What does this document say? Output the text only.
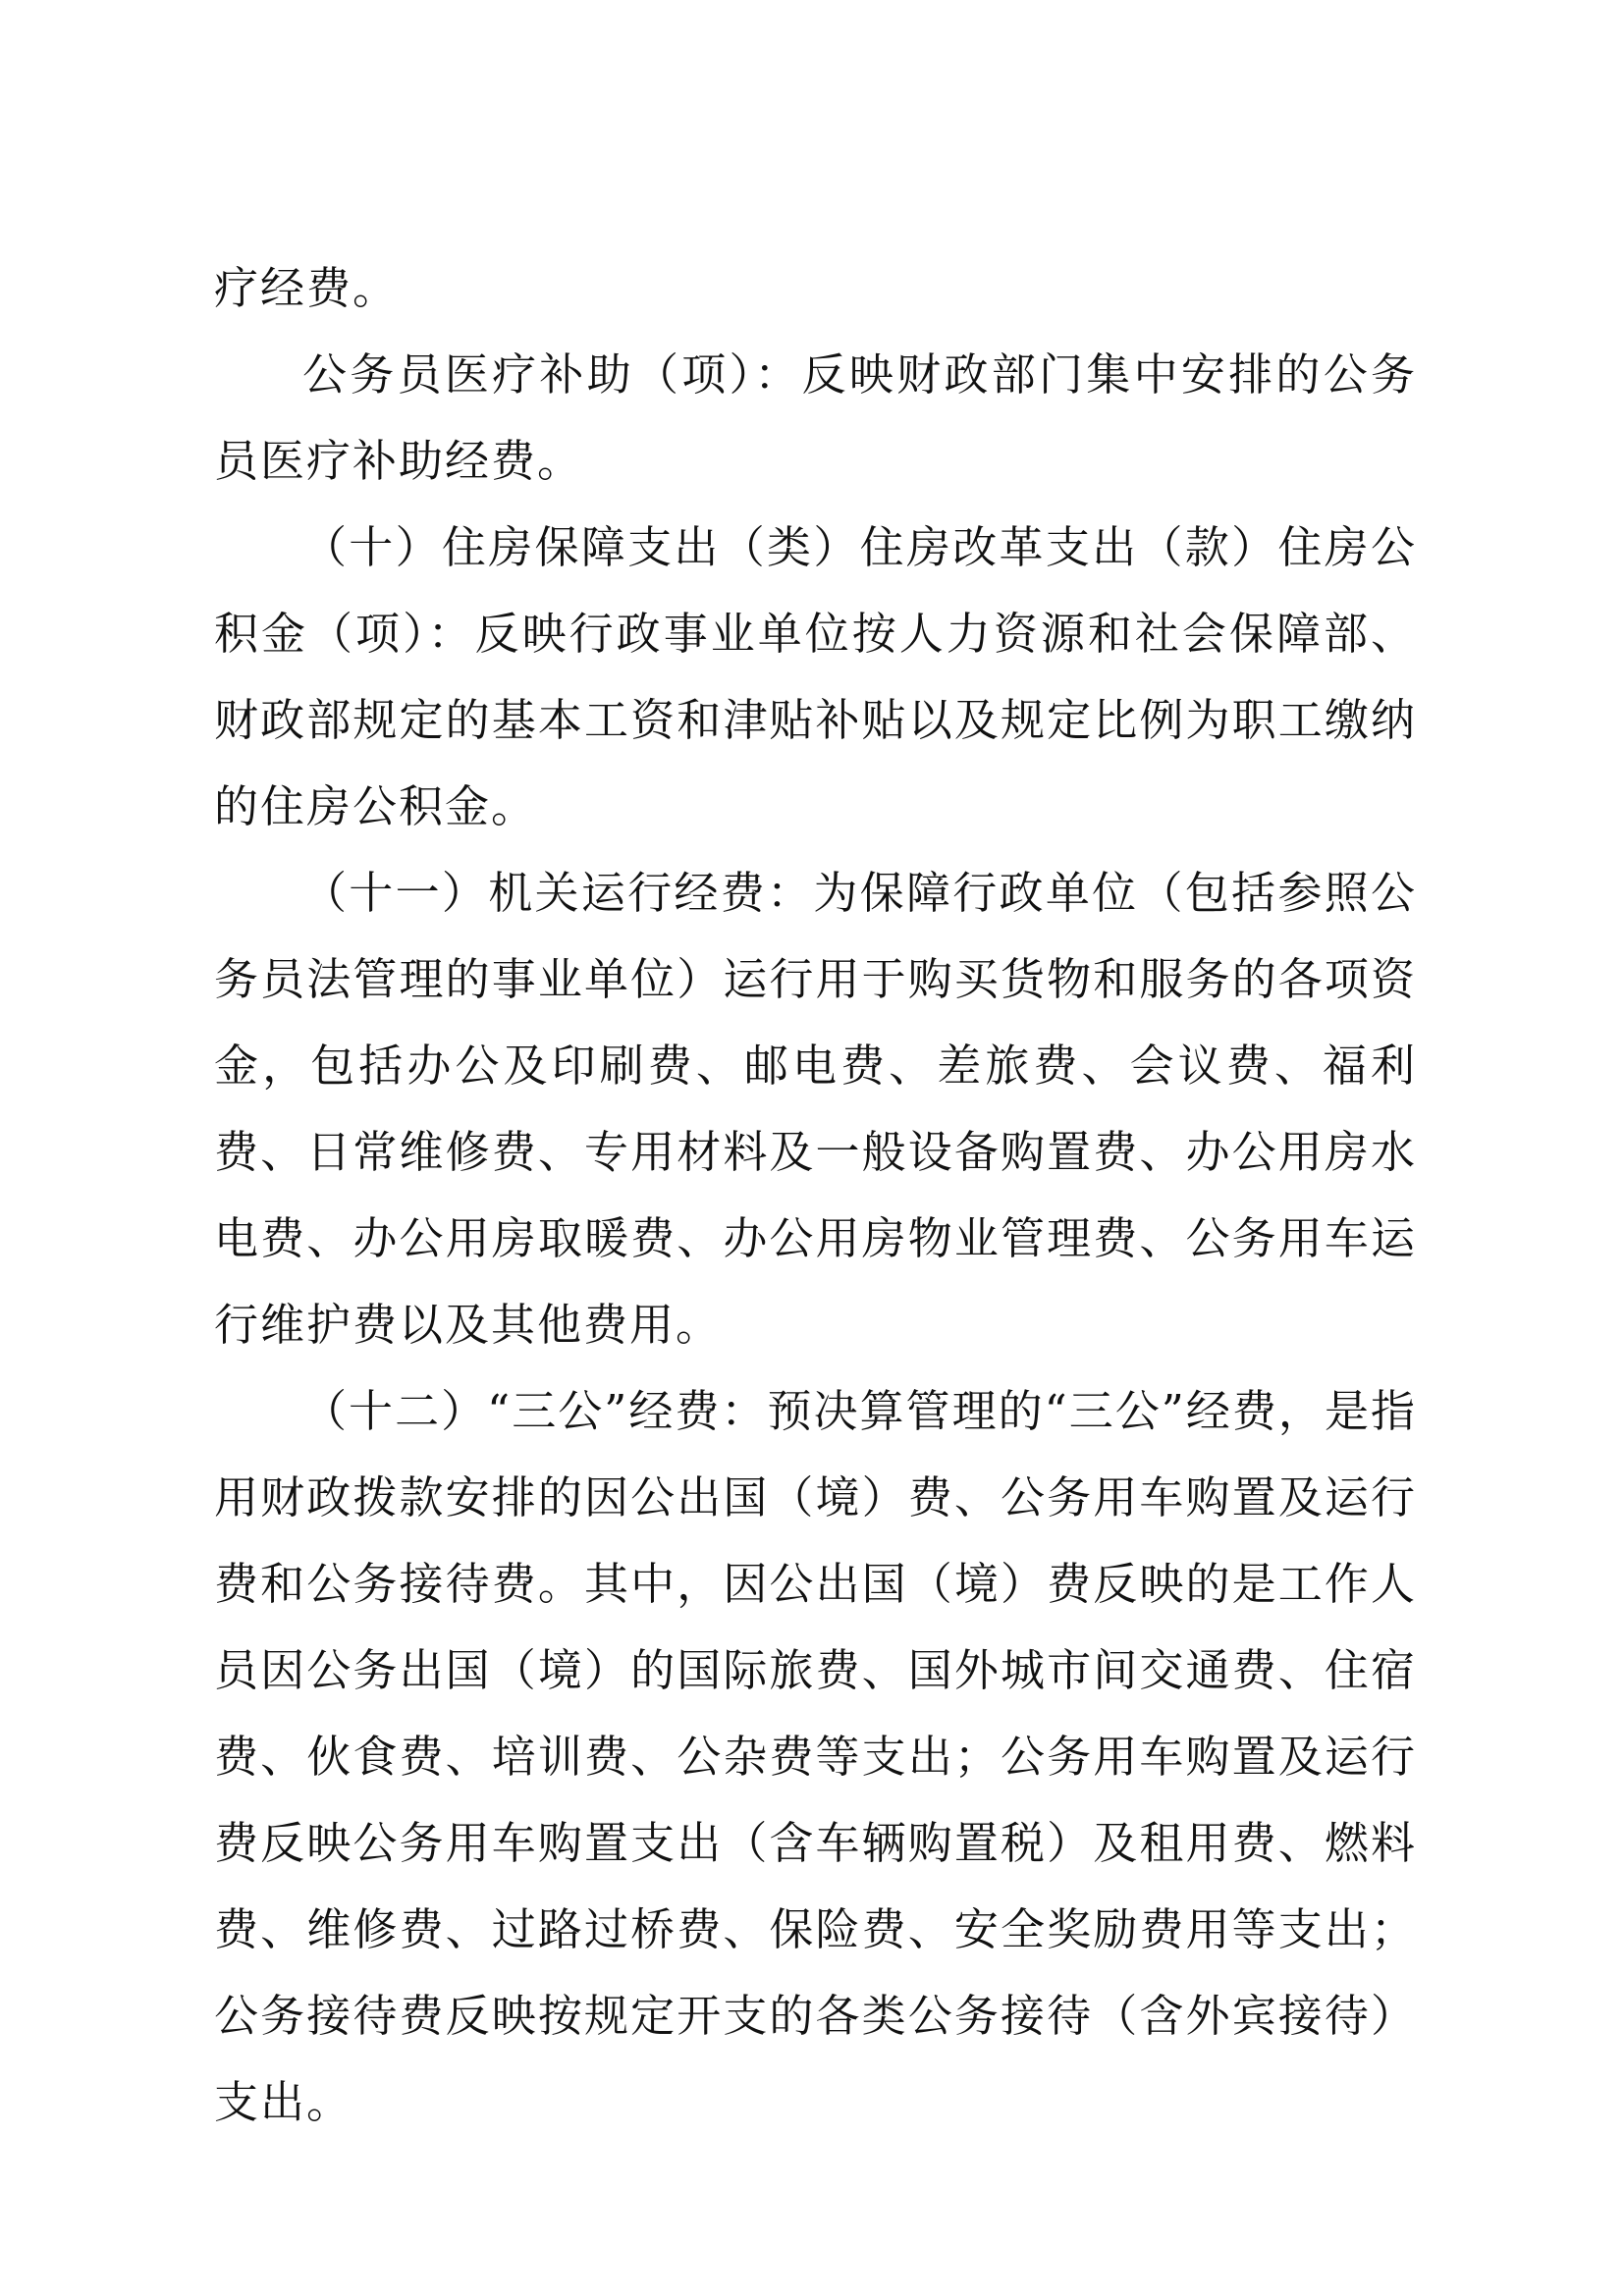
疗经费。

公务员医疗补助（项）：反映财政部门集中安排的公务员医疗补助经费。

（十）住房保障支出（类）住房改革支出（款）住房公积金（项）：反映行政事业单位按人力资源和社会保障部、财政部规定的基本工资和津贴补贴以及规定比例为职工缴纳的住房公积金。

（十一）机关运行经费：为保障行政单位（包括参照公务员法管理的事业单位）运行用于购买货物和服务的各项资金，包括办公及印刷费、邮电费、差旅费、会议费、福利费、日常维修费、专用材料及一般设备购置费、办公用房水电费、办公用房取暖费、办公用房物业管理费、公务用车运行维护费以及其他费用。

（十二）“三公”经费：预决算管理的“三公”经费，是指用财政拨款安排的因公出国（境）费、公务用车购置及运行费和公务接待费。其中，因公出国（境）费反映的是工作人员因公务出国（境）的国际旅费、国外城市间交通费、住宿费、伙食费、培训费、公杂费等支出；公务用车购置及运行费反映公务用车购置支出（含车辆购置税）及租用费、燃料费、维修费、过路过桥费、保险费、安全奖励费用等支出；公务接待费反映按规定开支的各类公务接待（含外宾接待）支出。
